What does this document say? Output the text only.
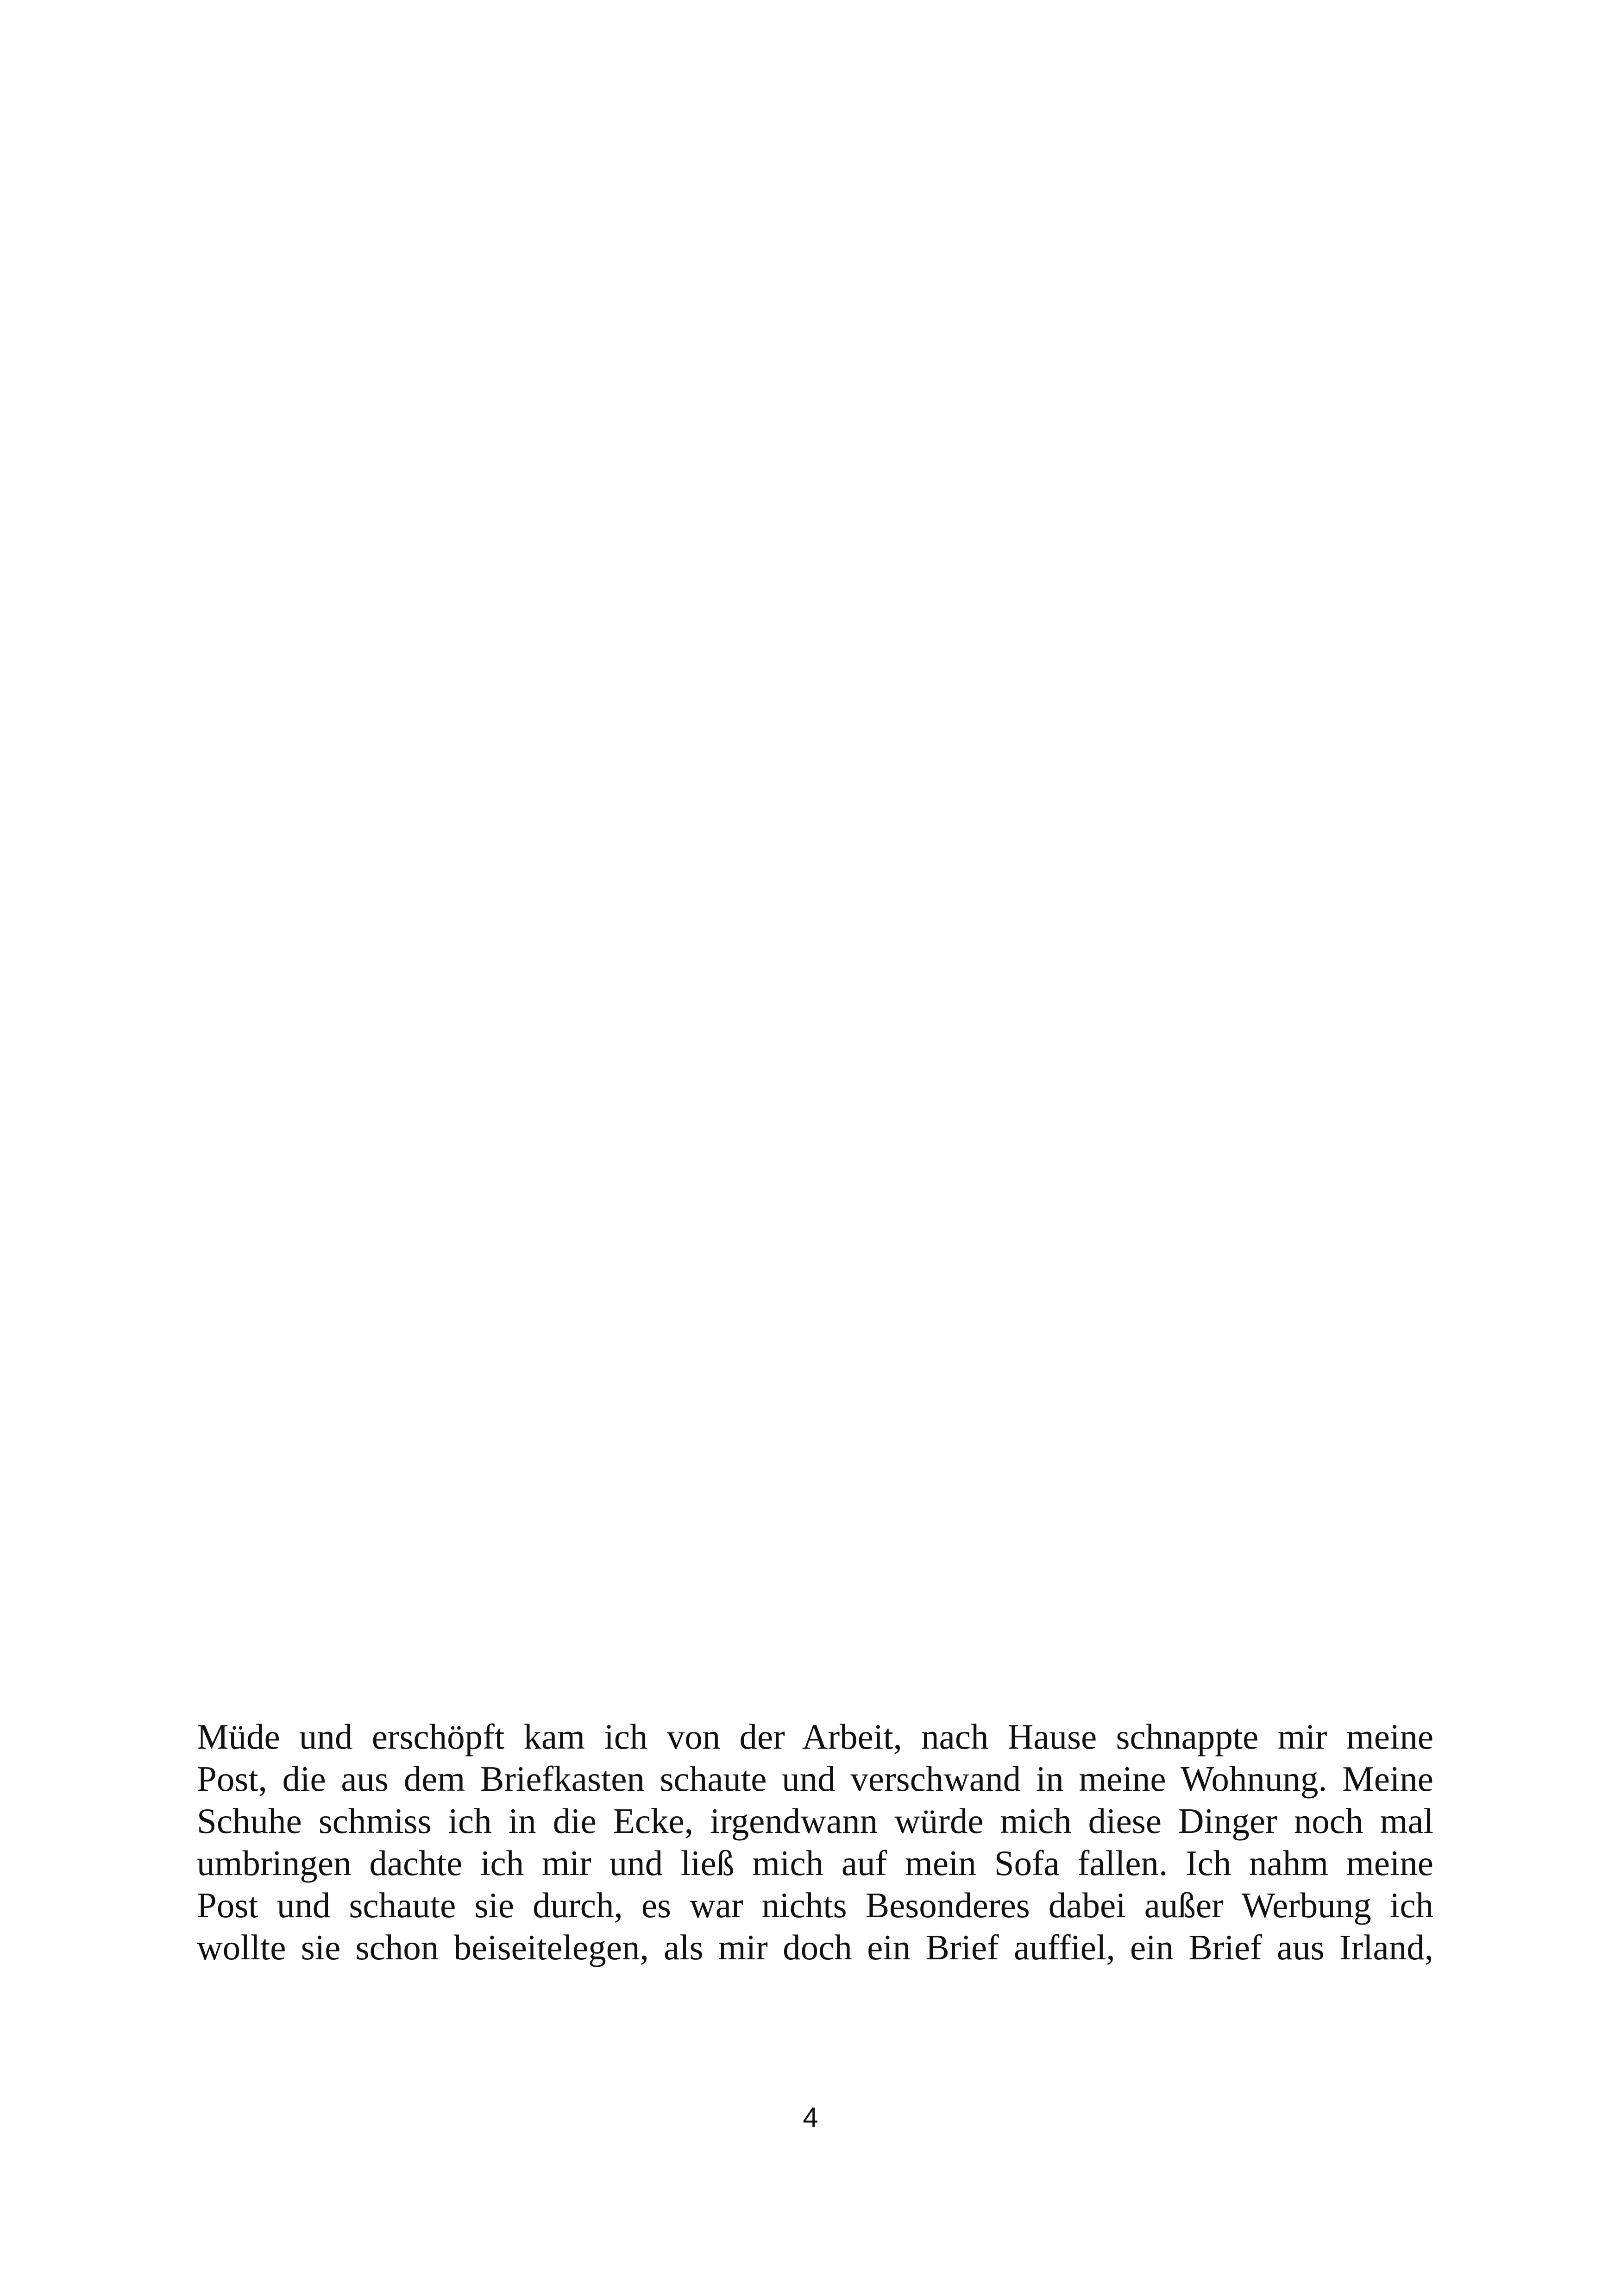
Müde und erschöpft kam ich von der Arbeit, nach Hause schnappte mir meine
Post, die aus dem Briefkasten schaute und verschwand in meine Wohnung. Meine
Schuhe schmiss ich in die Ecke, irgendwann würde mich diese Dinger noch mal
umbringen dachte ich mir und ließ mich auf mein Sofa fallen. Ich nahm meine
Post und schaute sie durch, es war nichts Besonderes dabei außer Werbung ich
wollte sie schon beiseitelegen, als mir doch ein Brief auffiel, ein Brief aus Irland,
4
